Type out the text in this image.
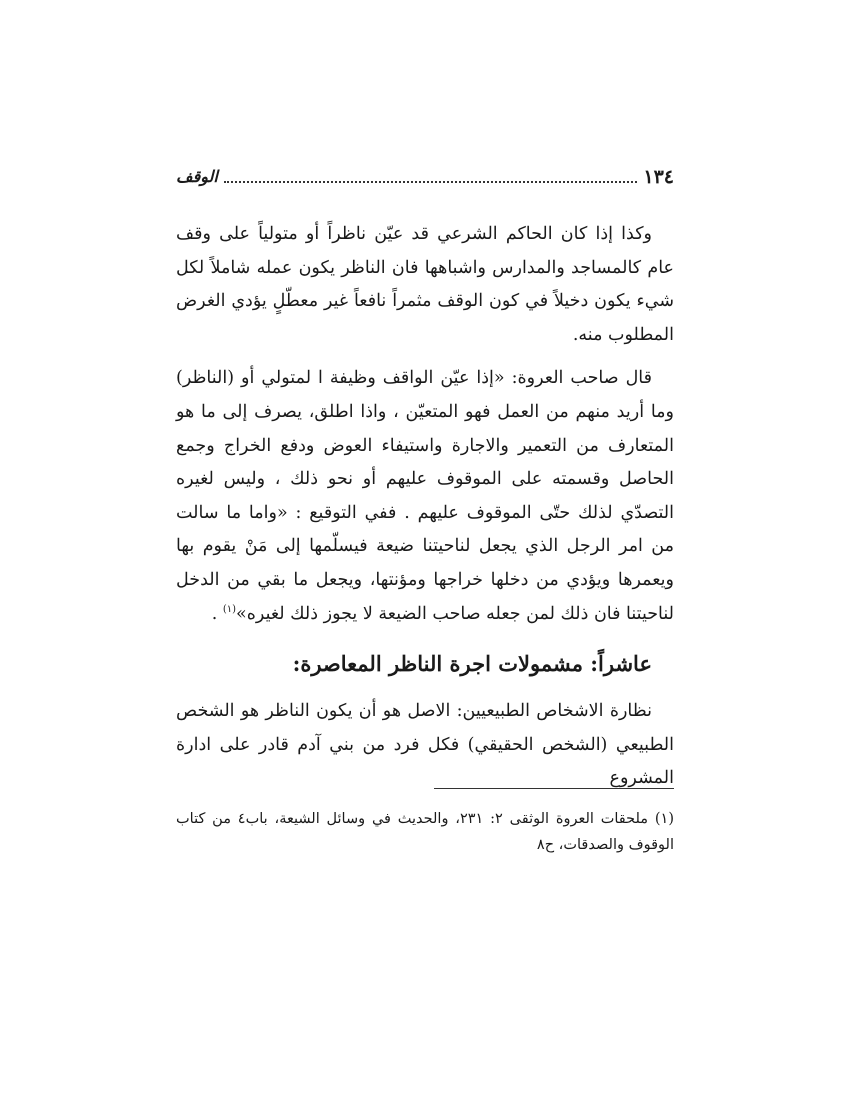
١٣٤
الوقف

وكذا إذا كان الحاكم الشرعي قد عيّن ناظراً أو متولياً على وقف عام كالمساجد والمدارس واشباهها فان الناظر يكون عمله شاملاً لكل شيء يكون دخيلاً في كون الوقف مثمراً نافعاً غير معطّلٍ يؤدي الغرض المطلوب منه.

قال صاحب العروة: «إذا عيّن الواقف وظيفة ا لمتولي أو (الناظر) وما أريد منهم من العمل فهو المتعيّن ، واذا اطلق، يصرف إلى ما هو المتعارف من التعمير والاجارة واستيفاء العوض ودفع الخراج وجمع الحاصل وقسمته على الموقوف عليهم أو نحو ذلك ، وليس لغيره التصدّي لذلك حتّى الموقوف عليهم . ففي التوقيع : «واما ما سالت من امر الرجل الذي يجعل لناحيتنا ضيعة فيسلّمها إلى مَنْ يقوم بها ويعمرها ويؤدي من دخلها خراجها ومؤنتها، ويجعل ما بقي من الدخل لناحيتنا فان ذلك لمن جعله صاحب الضيعة لا يجوز ذلك لغيره»$^{(١)}$ .

عاشراً: مشمولات اجرة الناظر المعاصرة:

نظارة الاشخاص الطبيعيين: الاصل هو أن يكون الناظر هو الشخص الطبيعي (الشخص الحقيقي) فكل فرد من بني آدم قادر على ادارة المشروع

(١) ملحقات العروة الوثقى ٢: ٢٣١، والحديث في وسائل الشيعة، باب٤ من كتاب الوقوف والصدقات، ح٨
